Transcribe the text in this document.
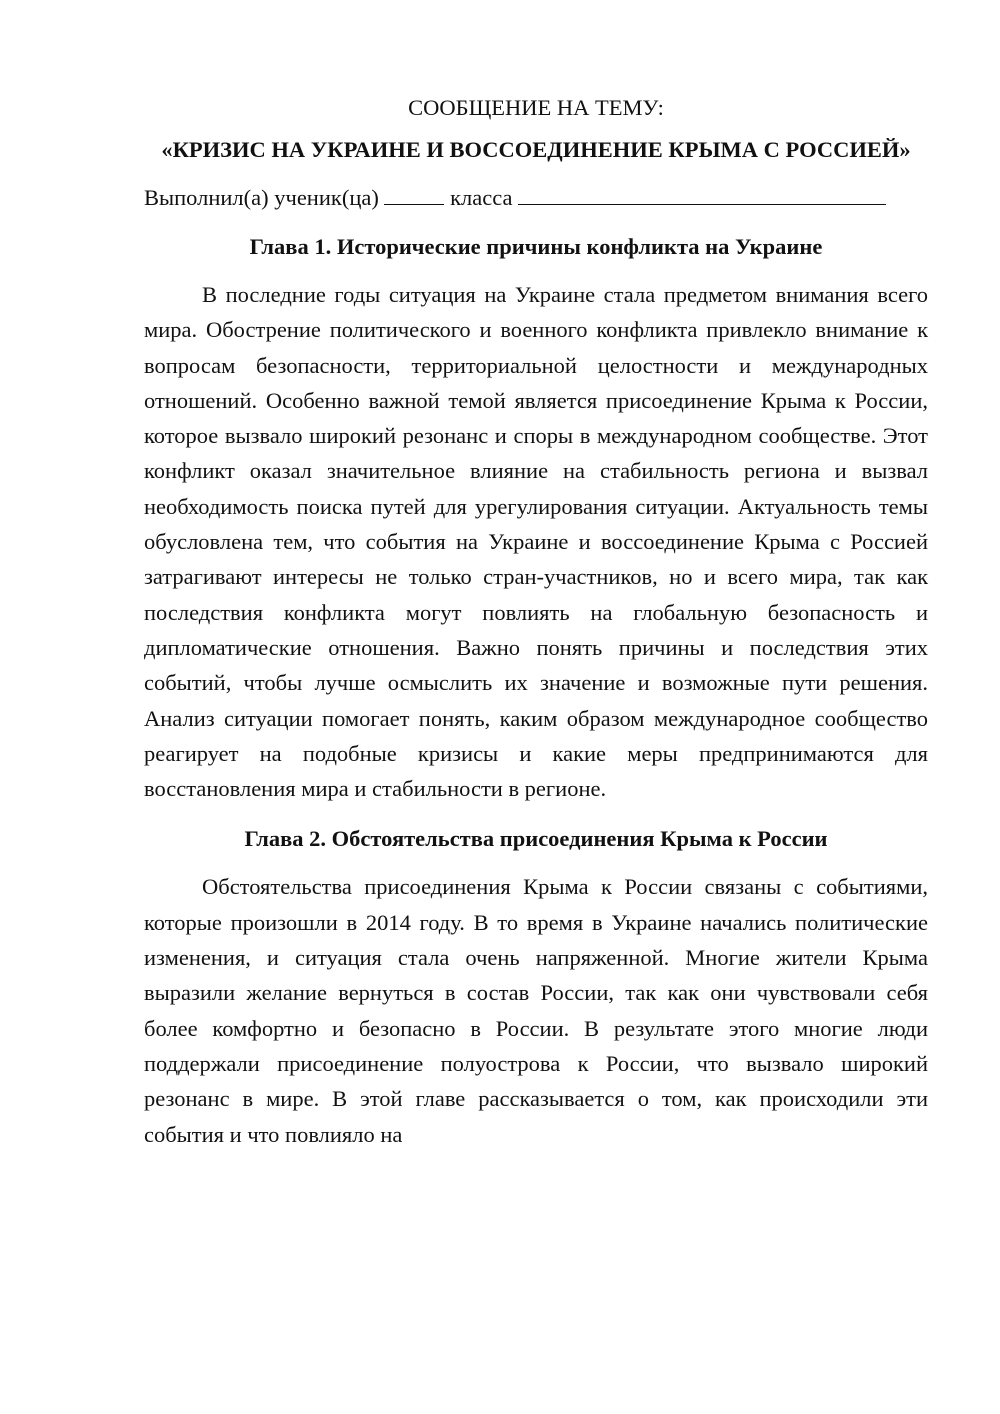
СООБЩЕНИЕ НА ТЕМУ:
«КРИЗИС НА УКРАИНЕ И ВОССОЕДИНЕНИЕ КРЫМА С РОССИЕЙ»
Выполнил(а) ученик(ца)	класса
Глава 1. Исторические причины конфликта на Украине

В последние годы ситуация на Украине стала предметом внимания всего мира. Обострение политического и военного конфликта привлекло внимание к вопросам безопасности, территориальной целостности и международных отношений. Особенно важной темой является присоединение Крыма к России, которое вызвало широкий резонанс и споры в международном сообществе. Этот конфликт оказал значительное влияние на стабильность региона и вызвал необходимость поиска путей для урегулирования ситуации. Актуальность темы обусловлена тем, что события на Украине и воссоединение Крыма с Россией затрагивают интересы не только стран-участников, но и всего мира, так как последствия конфликта могут повлиять на глобальную безопасность и дипломатические отношения. Важно понять причины и последствия этих событий, чтобы лучше осмыслить их значение и возможные пути решения. Анализ ситуации помогает понять, каким образом международное сообщество реагирует на подобные кризисы и какие меры предпринимаются для восстановления мира и стабильности в регионе.

Глава 2. Обстоятельства присоединения Крыма к России

Обстоятельства присоединения Крыма к России связаны с событиями, которые произошли в 2014 году. В то время в Украине начались политические изменения, и ситуация стала очень напряженной. Многие жители Крыма выразили желание вернуться в состав России, так как они чувствовали себя более комфортно и безопасно в России. В результате этого многие люди поддержали присоединение полуострова к России, что вызвало широкий резонанс в мире. В этой главе рассказывается о том, как происходили эти события и что повлияло на
